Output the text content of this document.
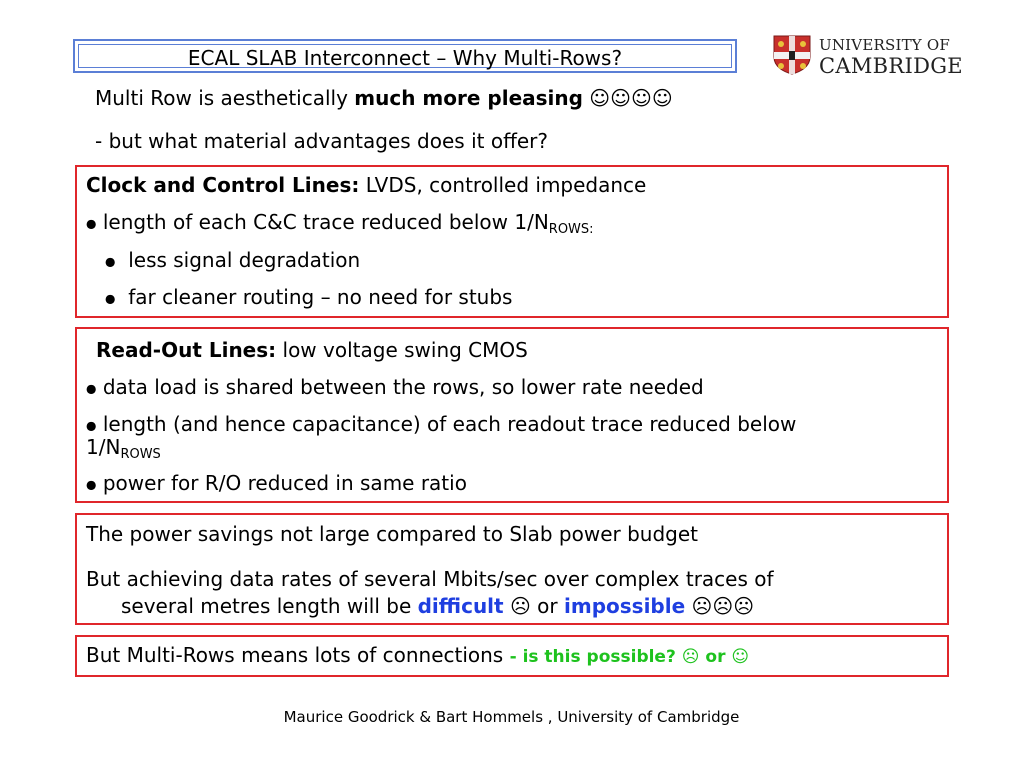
ECAL SLAB Interconnect – Why Multi-Rows?
UNIVERSITY OF
CAMBRIDGE
Multi Row is aesthetically much more pleasing ☺☺☺☺
- but what material advantages does it offer?
Clock and Control Lines: LVDS, controlled impedance
● length of each C&C trace reduced below $1/N_{ROWS:}$
● less signal degradation
● far cleaner routing – no need for stubs
Read-Out Lines: low voltage swing CMOS
● data load is shared between the rows, so lower rate needed
● length (and hence capacitance) of each readout trace reduced below
$1/N_{ROWS}$
● power for R/O reduced in same ratio
The power savings not large compared to Slab power budget
But achieving data rates of several Mbits/sec over complex traces of
several metres length will be difficult ☹ or impossible ☹☹☹
But Multi-Rows means lots of connections - is this possible? ☹ or ☺
Maurice Goodrick & Bart Hommels , University of Cambridge
